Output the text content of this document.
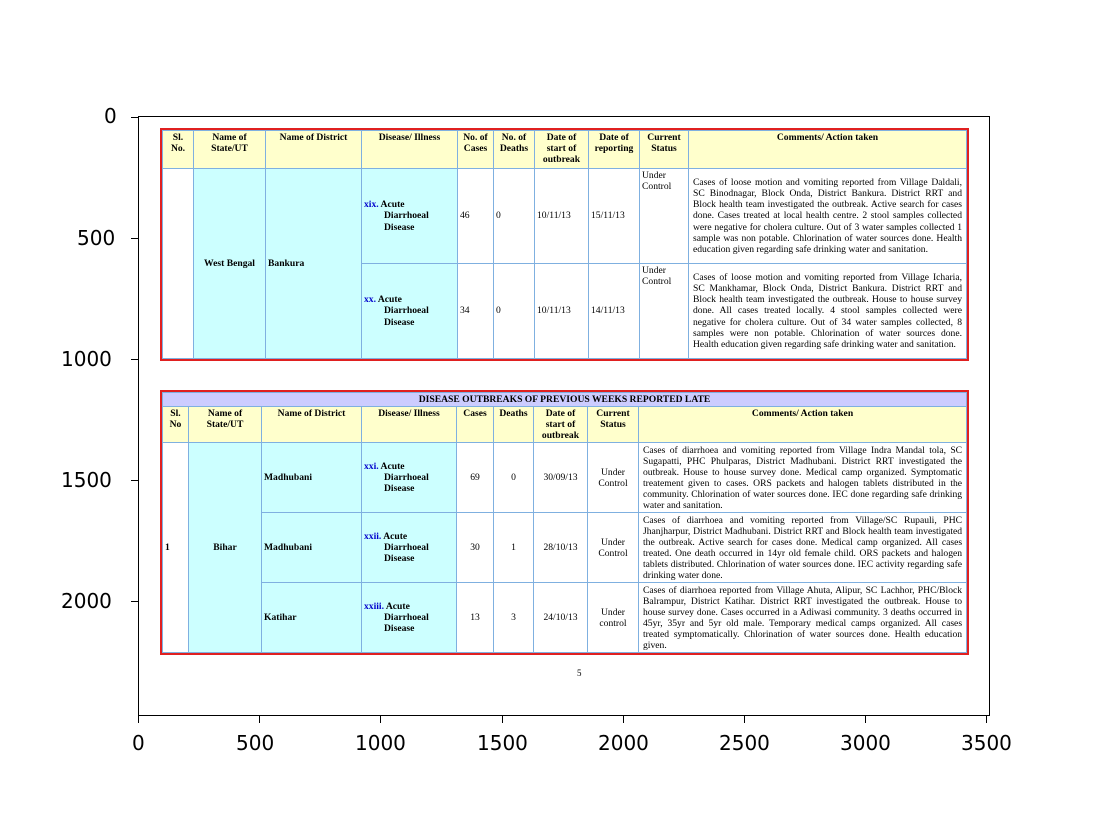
0
500
1000
1500
2000
0	500	1000	1500	2000	2500	3000	3500
Sl. No.	Name of State/UT	Name of District	Disease/ Illness	No. of Cases	No. of Deaths	Date of start of outbreak	Date of reporting	Current Status	Comments/ Action taken
	West Bengal	Bankura	xix. Acute
Diarrhoeal Disease	46	0	10/11/13	15/11/13	Under Control	Cases of loose motion and vomiting reported from Village Daldali, SC Binodnagar, Block Onda, District Bankura. District RRT and Block health team investigated the outbreak. Active search for cases done. Cases treated at local health centre. 2 stool samples collected were negative for cholera culture. Out of 3 water samples collected 1 sample was non potable. Chlorination of water sources done. Health education given regarding safe drinking water and sanitation.
			xx. Acute
Diarrhoeal Disease	34	0	10/11/13	14/11/13	Under Control	Cases of loose motion and vomiting reported from Village Icharia, SC Mankhamar, Block Onda, District Bankura. District RRT and Block health team investigated the outbreak. House to house survey done. All cases treated locally. 4 stool samples collected were negative for cholera culture. Out of 34 water samples collected, 8 samples were non potable. Chlorination of water sources done. Health education given regarding safe drinking water and sanitation.
DISEASE OUTBREAKS OF PREVIOUS WEEKS REPORTED LATE								
Sl. No	Name of State/UT	Name of District	Disease/ Illness	Cases	Deaths	Date of start of outbreak	Current Status	Comments/ Action taken
1	Bihar	Madhubani	xxi. Acute
Diarrhoeal Disease	69	0	30/09/13	Under Control	Cases of diarrhoea and vomiting reported from Village Indra Mandal tola, SC Sugapatti, PHC Phulparas, District Madhubani. District RRT investigated the outbreak. House to house survey done. Medical camp organized. Symptomatic treatement given to cases. ORS packets and halogen tablets distributed in the community. Chlorination of water sources done. IEC done regarding safe drinking water and sanitation.
		Madhubani	xxii. Acute
Diarrhoeal Disease	30	1	28/10/13	Under Control	Cases of diarrhoea and vomiting reported from Village/SC Rupauli, PHC Jhanjharpur, District Madhubani. District RRT and Block health team investigated the outbreak. Active search for cases done. Medical camp organized. All cases treated. One death occurred in 14yr old female child. ORS packets and halogen tablets distributed. Chlorination of water sources done. IEC activity regarding safe drinking water done.
		Katihar	xxiii. Acute
Diarrhoeal Disease	13	3	24/10/13	Under control	Cases of diarrhoea reported from Village Ahuta, Alipur, SC Lachhor, PHC/Block Balrampur, District Katihar. District RRT investigated the outbreak. House to house survey done. Cases occurred in a Adiwasi community. 3 deaths occurred in 45yr, 35yr and 5yr old male. Temporary medical camps organized. All cases treated symptomatically. Chlorination of water sources done. Health education given.
5
